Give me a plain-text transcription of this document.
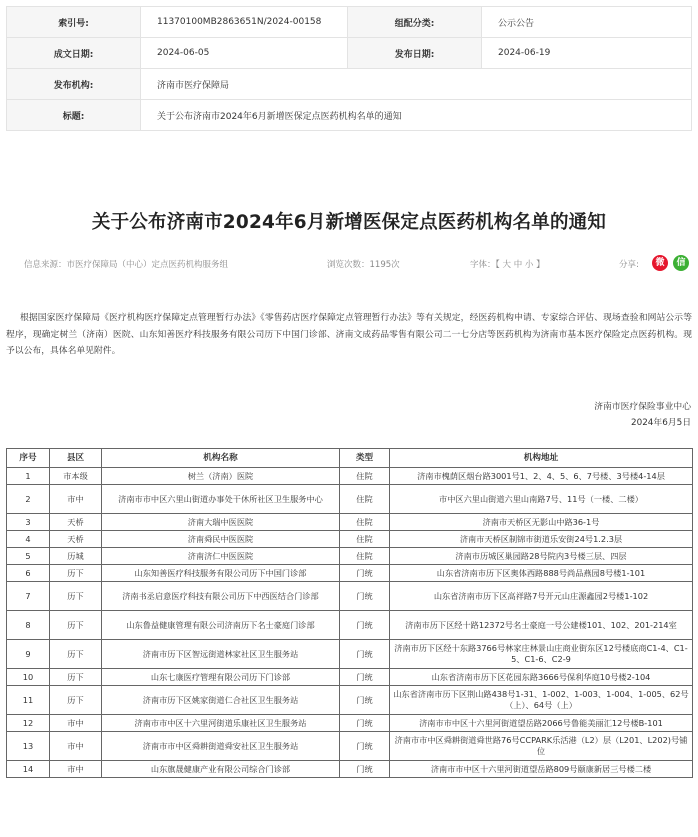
索引号:	11370100MB2863651N/2024-00158	组配分类:	公示公告
成文日期:	2024-06-05	发布日期:	2024-06-19
发布机构:	济南市医疗保障局		
标题:	关于公布济南市2024年6月新增医保定点医药机构名单的通知		
关于公布济南市2024年6月新增医保定点医药机构名单的通知
信息来源：市医疗保障局（中心）定点医药机构服务组	浏览次数：1195次	字体：【 大 中 小 】	分享:	微	信

根据国家医疗保障局《医疗机构医疗保障定点管理暂行办法》《零售药店医疗保障定点管理暂行办法》等有关规定，经医药机构申请、专家综合评估、现场查验和网站公示等程序，现确定树兰（济南）医院、山东知善医疗科技服务有限公司历下中国门诊部、济南文成药品零售有限公司二一七分店等医药机构为济南市基本医疗保险定点医药机构。现予以公布，具体名单见附件。

济南市医疗保险事业中心
2024年6月5日
序号	县区	机构名称	类型	机构地址
1	市本级	树兰（济南）医院	住院	济南市槐荫区烟台路3001号1、2、4、5、6、7号楼、3号楼4-14层
2	市中	济南市市中区六里山街道办事处干休所社区卫生服务中心	住院	市中区六里山街道六里山南路7号、11号（一楼、二楼）
3	天桥	济南大瑞中医医院	住院	济南市天桥区无影山中路36-1号
4	天桥	济南舜民中医医院	住院	济南市天桥区制锦市街道乐安街24号1.2.3层
5	历城	济南济仁中医医院	住院	济南市历城区巢园路28号院内3号楼三层、四层
6	历下	山东知善医疗科技服务有限公司历下中国门诊部	门统	山东省济南市历下区奥体西路888号尚品燕园8号楼1-101
7	历下	济南书丞启意医疗科技有限公司历下中西医结合门诊部	门统	山东省济南市历下区高祥路7号开元山庄源鑫园2号楼1-102
8	历下	山东鲁益健康管理有限公司济南历下名士豪庭门诊部	门统	济南市历下区经十路12372号名士豪庭一号公建楼101、102、201-214室
9	历下	济南市历下区智远街道林家社区卫生服务站	门统	济南市历下区经十东路3766号林家庄林景山庄商业街东区12号楼底商C1-4、C1-5、C1-6、C2-9
10	历下	山东七康医疗管理有限公司历下门诊部	门统	山东省济南市历下区花园东路3666号保利华庭10号楼2-104
11	历下	济南市历下区姚家街道仁合社区卫生服务站	门统	山东省济南市历下区荆山路438号1-31、1-002、1-003、1-004、1-005、62号（上）、64号（上）
12	市中	济南市市中区十六里河街道乐康社区卫生服务站	门统	济南市市中区十六里河街道望岳路2066号鲁能美丽汇12号楼B-101
13	市中	济南市市中区舜耕街道舜安社区卫生服务站	门统	济南市市中区舜耕街道舜世路76号CCPARK乐活港（L2）层（L201、L202)号铺位
14	市中	山东旗晟健康产业有限公司综合门诊部	门统	济南市市中区十六里河街道望岳路809号颐康新居三号楼二楼
